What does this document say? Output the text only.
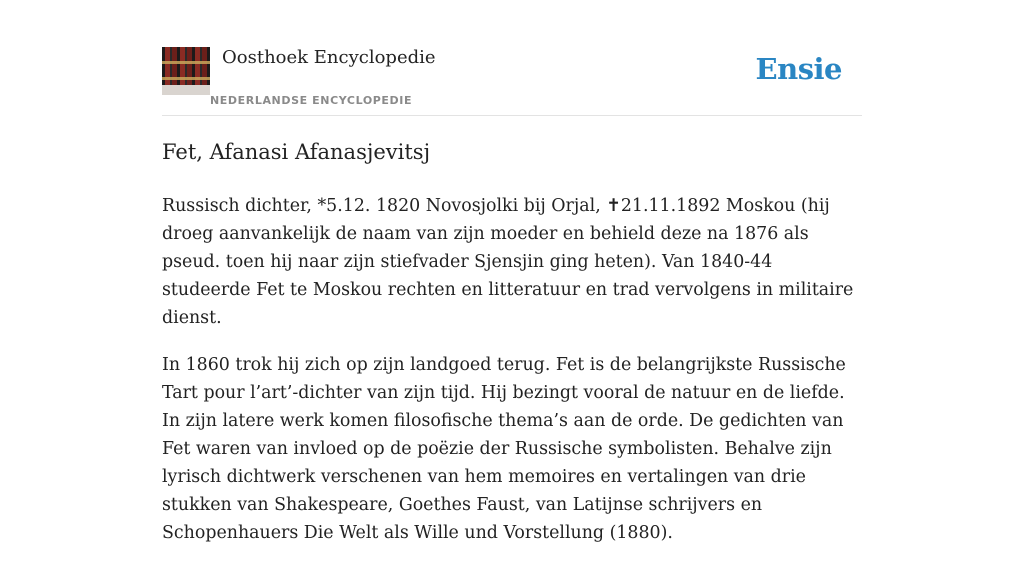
Oosthoek Encyclopedie
NEDERLANDSE ENCYCLOPEDIE
Ensie
Fet, Afanasi Afanasjevitsj

Russisch dichter, *5.12. 1820 Novosjolki bij Orjal, ✝21.11.1892 Moskou (hij droeg aanvankelijk de naam van zijn moeder en behield deze na 1876 als pseud. toen hij naar zijn stiefvader Sjensjin ging heten). Van 1840-44 studeerde Fet te Moskou rechten en litteratuur en trad vervolgens in militaire dienst.

In 1860 trok hij zich op zijn landgoed terug. Fet is de belangrijkste Russische Tart pour l’art’-dichter van zijn tijd. Hij bezingt vooral de natuur en de liefde. In zijn latere werk komen filosofische thema’s aan de orde. De gedichten van Fet waren van invloed op de poëzie der Russische symbolisten. Behalve zijn lyrisch dichtwerk verschenen van hem memoires en vertalingen van drie stukken van Shakespeare, Goethes Faust, van Latijnse schrijvers en Schopenhauers Die Welt als Wille und Vorstellung (1880).
